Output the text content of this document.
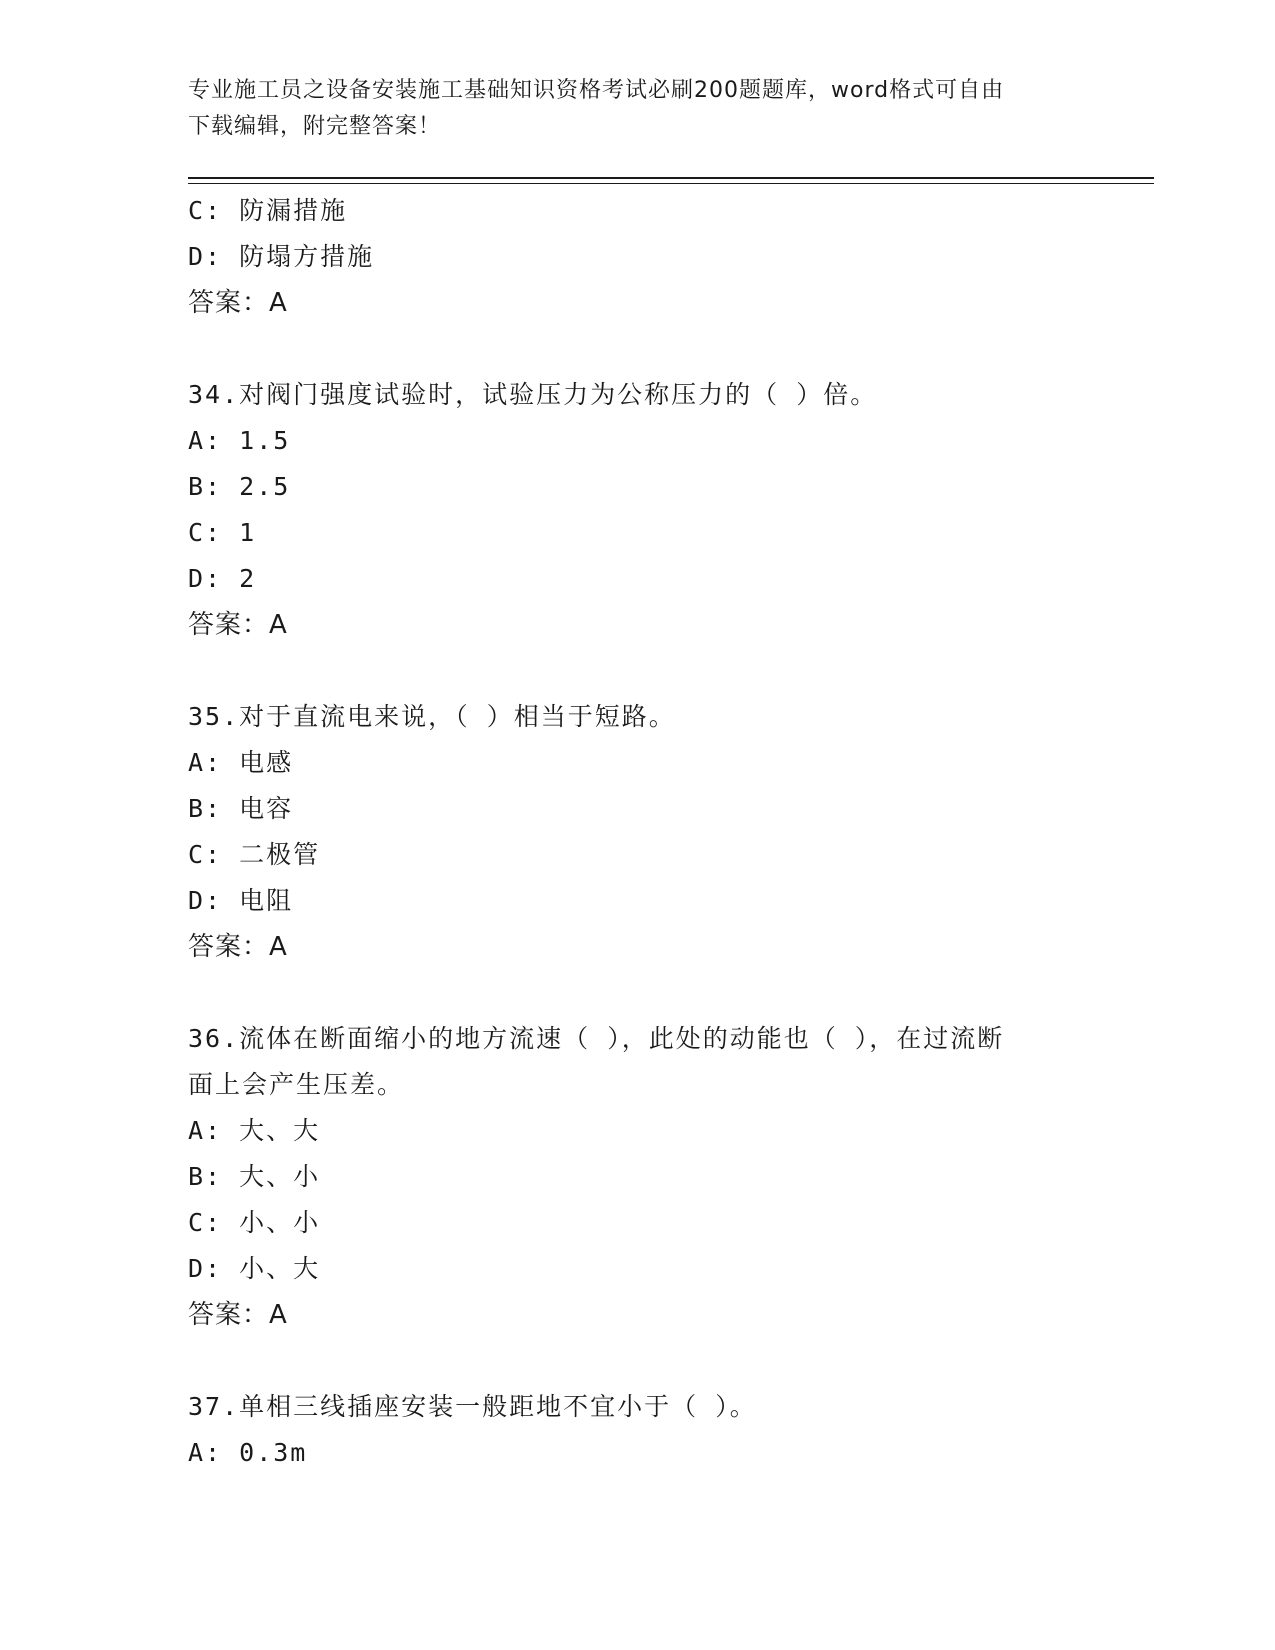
专业施工员之设备安装施工基础知识资格考试必刷200题题库，word格式可自由
下载编辑，附完整答案！
C: 防漏措施
D: 防塌方措施
答案：A
34.对阀门强度试验时，试验压力为公称压力的（ ）倍。
A: 1.5
B: 2.5
C: 1
D: 2
答案：A
35.对于直流电来说，（ ）相当于短路。
A: 电感
B: 电容
C: 二极管
D: 电阻
答案：A
36.流体在断面缩小的地方流速（ ），此处的动能也（ ），在过流断
面上会产生压差。
A: 大、大
B: 大、小
C: 小、小
D: 小、大
答案：A
37.单相三线插座安装一般距地不宜小于（ ）。
A: 0.3m
